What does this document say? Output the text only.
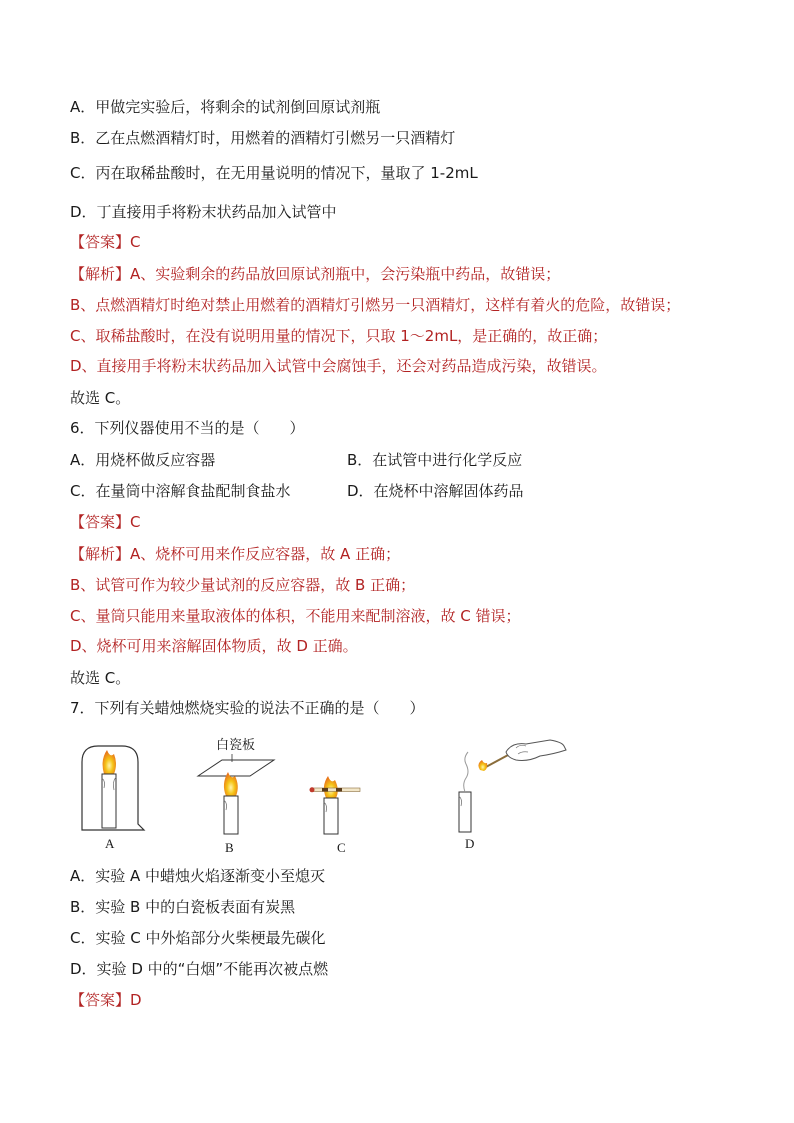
A．甲做完实验后，将剩余的试剂倒回原试剂瓶
B．乙在点燃酒精灯时，用燃着的酒精灯引燃另一只酒精灯
C．丙在取稀盐酸时，在无用量说明的情况下，量取了 1-2mL
D．丁直接用手将粉末状药品加入试管中
【答案】C
【解析】A、实验剩余的药品放回原试剂瓶中，会污染瓶中药品，故错误；
B、点燃酒精灯时绝对禁止用燃着的酒精灯引燃另一只酒精灯，这样有着火的危险，故错误；
C、取稀盐酸时，在没有说明用量的情况下，只取 1～2mL，是正确的，故正确；
D、直接用手将粉末状药品加入试管中会腐蚀手，还会对药品造成污染，故错误。
故选 C。
6．下列仪器使用不当的是（　　）
A．用烧杯做反应容器	B．在试管中进行化学反应
C．在量筒中溶解食盐配制食盐水	D．在烧杯中溶解固体药品
【答案】C
【解析】A、烧杯可用来作反应容器，故 A 正确；
B、试管可作为较少量试剂的反应容器，故 B 正确；
C、量筒只能用来量取液体的体积，不能用来配制溶液，故 C 错误；
D、烧杯可用来溶解固体物质，故 D 正确。
故选 C。
7．下列有关蜡烛燃烧实验的说法不正确的是（　　）
白瓷板
A	B	C	D
A．实验 A 中蜡烛火焰逐渐变小至熄灭
B．实验 B 中的白瓷板表面有炭黑
C．实验 C 中外焰部分火柴梗最先碳化
D．实验 D 中的“白烟”不能再次被点燃
【答案】D
